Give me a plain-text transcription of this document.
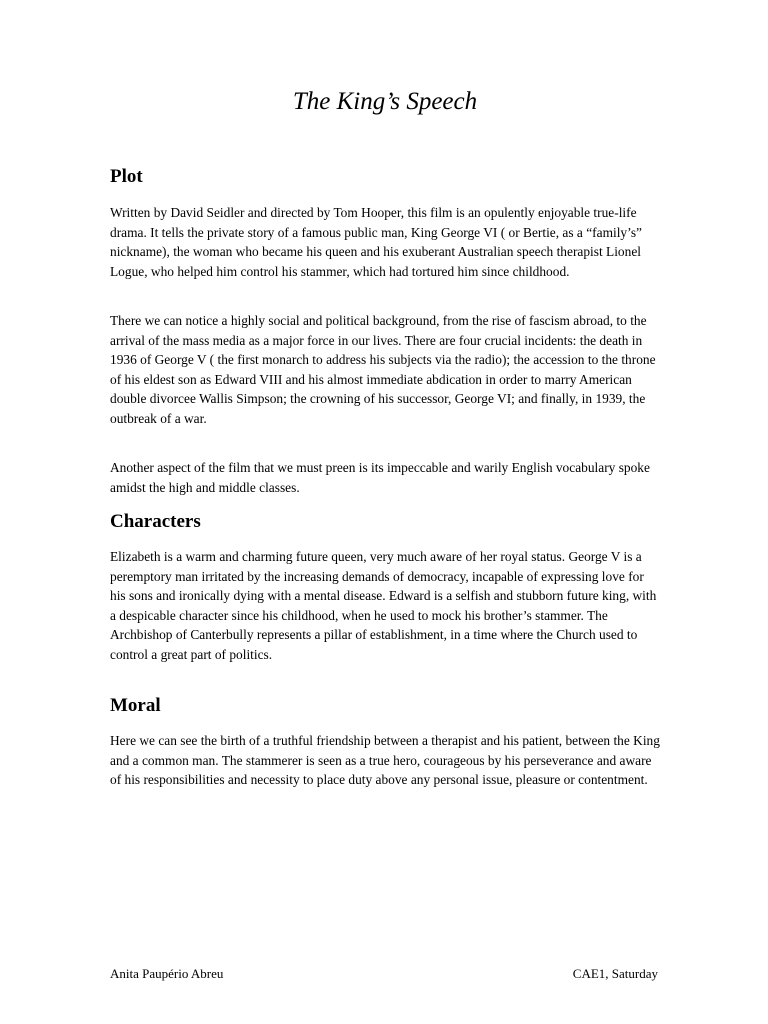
The King’s Speech
Plot

Written by David Seidler and directed by Tom Hooper, this film is an opulently enjoyable true-life drama. It tells the private story of a famous public man, King George VI ( or Bertie, as a “family’s” nickname), the woman who became his queen and his exuberant Australian speech therapist Lionel Logue, who helped him control his stammer, which had tortured him since childhood.

There we can notice a highly social and political background, from the rise of fascism abroad, to the arrival of the mass media as a major force in our lives. There are four crucial incidents: the death in 1936 of George V ( the first monarch to address his subjects via the radio); the accession to the throne of his eldest son as Edward VIII and his almost immediate abdication in order to marry American double divorcee Wallis Simpson; the crowning of his successor, George VI; and finally, in 1939, the outbreak of a war.

Another aspect of the film that we must preen is its impeccable and warily English vocabulary spoke amidst the high and middle classes.

Characters

Elizabeth is a warm and charming future queen, very much aware of her royal status. George V is a peremptory man irritated by the increasing demands of democracy, incapable of expressing love for his sons and ironically dying with a mental disease. Edward is a selfish and stubborn future king, with a despicable character since his childhood, when he used to mock his brother’s stammer. The Archbishop of Canterbully represents a pillar of establishment, in a time where the Church used to control a great part of politics.

Moral

Here we can see the birth of a truthful friendship between a therapist and his patient, between the King and a common man. The stammerer is seen as a true hero, courageous by his perseverance and aware of his responsibilities and necessity to place duty above any personal issue, pleasure or contentment.

Anita Paupério Abreu	CAE1, Saturday
